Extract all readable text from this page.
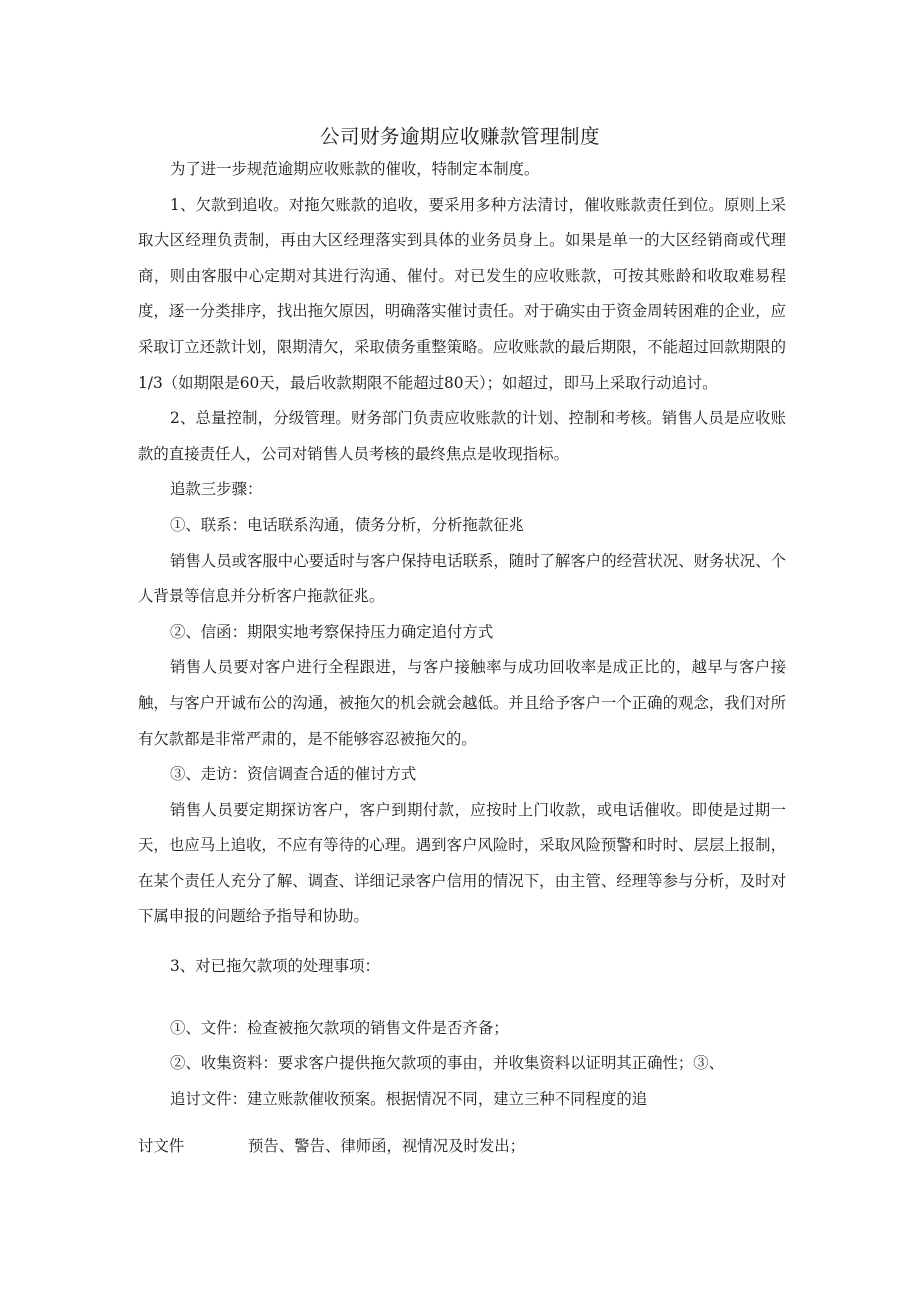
公司财务逾期应收赚款管理制度

为了进一步规范逾期应收账款的催收，特制定本制度。

1、欠款到追收。对拖欠账款的追收，要采用多种方法清讨，催收账款责任到位。原则上采取大区经理负责制，再由大区经理落实到具体的业务员身上。如果是单一的大区经销商或代理商，则由客服中心定期对其进行沟通、催付。对已发生的应收账款，可按其账龄和收取难易程度，逐一分类排序，找出拖欠原因，明确落实催讨责任。对于确实由于资金周转困难的企业，应采取订立还款计划，限期清欠，采取债务重整策略。应收账款的最后期限，不能超过回款期限的1/3（如期限是60天，最后收款期限不能超过80天）；如超过，即马上采取行动追讨。

2、总量控制，分级管理。财务部门负责应收账款的计划、控制和考核。销售人员是应收账款的直接责任人，公司对销售人员考核的最终焦点是收现指标。

追款三步骤：

①、联系：电话联系沟通，债务分析，分析拖款征兆

销售人员或客服中心要适时与客户保持电话联系，随时了解客户的经营状况、财务状况、个人背景等信息并分析客户拖款征兆。

②、信函：期限实地考察保持压力确定追付方式

销售人员要对客户进行全程跟进，与客户接触率与成功回收率是成正比的，越早与客户接触，与客户开诚布公的沟通，被拖欠的机会就会越低。并且给予客户一个正确的观念，我们对所有欠款都是非常严肃的，是不能够容忍被拖欠的。

③、走访：资信调查合适的催讨方式

销售人员要定期探访客户，客户到期付款，应按时上门收款，或电话催收。即使是过期一天，也应马上追收，不应有等待的心理。遇到客户风险时，采取风险预警和时时、层层上报制，在某个责任人充分了解、调查、详细记录客户信用的情况下，由主管、经理等参与分析，及时对下属申报的问题给予指导和协助。

3、对已拖欠款项的处理事项：

①、文件：检查被拖欠款项的销售文件是否齐备；

②、收集资料：要求客户提供拖欠款项的事由，并收集资料以证明其正确性；③、

追讨文件：建立账款催收预案。根据情况不同，建立三种不同程度的追

讨文件	预告、警告、律师函，视情况及时发出；
